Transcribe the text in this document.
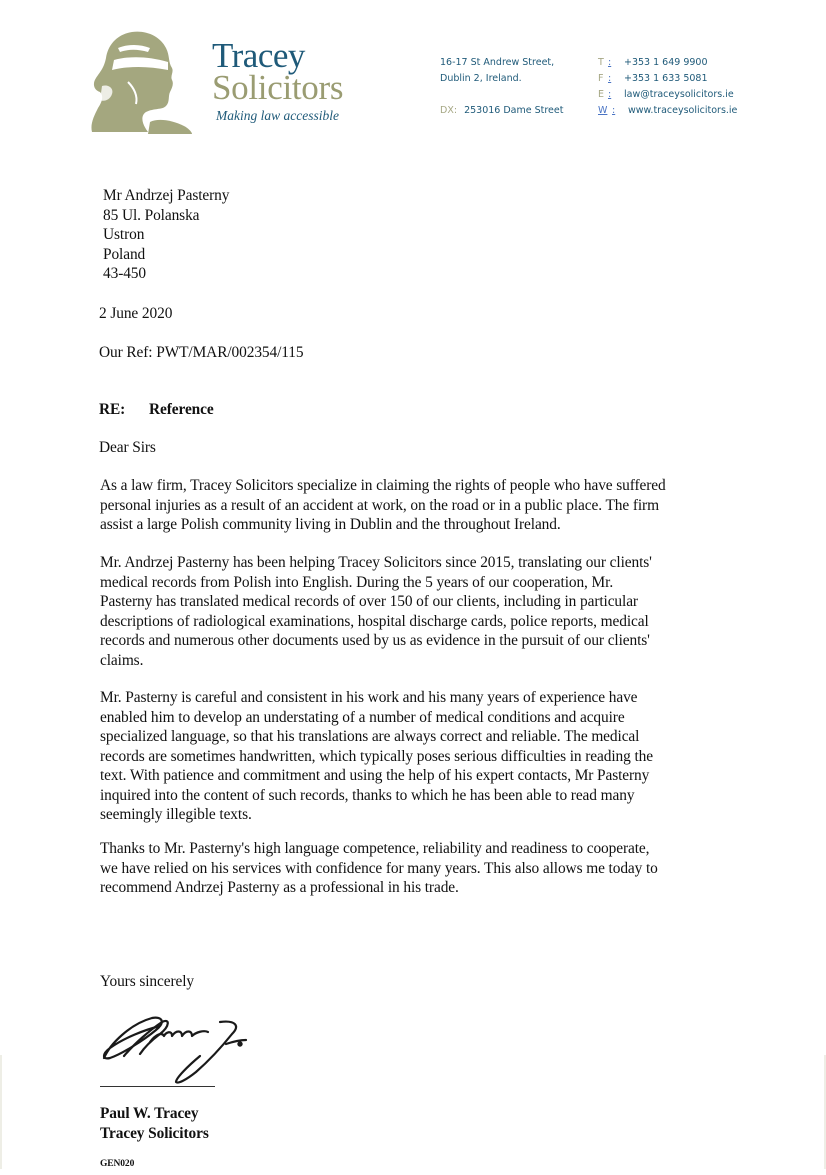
Tracey
Solicitors
Making law accessible
16-17 St Andrew Street,
Dublin 2, Ireland.
DX: 253016 Dame Street
T :	+353 1 649 9900
F :	+353 1 633 5081
E :	law@traceysolicitors.ie
W :	www.traceysolicitors.ie
Mr Andrzej Pasterny
85 Ul. Polanska
Ustron
Poland
43-450
2 June 2020
Our Ref: PWT/MAR/002354/115
RE: Reference
Dear Sirs
As a law firm, Tracey Solicitors specialize in claiming the rights of people who have suffered
personal injuries as a result of an accident at work, on the road or in a public place. The firm
assist a large Polish community living in Dublin and the throughout Ireland.
Mr. Andrzej Pasterny has been helping Tracey Solicitors since 2015, translating our clients'
medical records from Polish into English. During the 5 years of our cooperation, Mr.
Pasterny has translated medical records of over 150 of our clients, including in particular
descriptions of radiological examinations, hospital discharge cards, police reports, medical
records and numerous other documents used by us as evidence in the pursuit of our clients'
claims.
Mr. Pasterny is careful and consistent in his work and his many years of experience have
enabled him to develop an understating of a number of medical conditions and acquire
specialized language, so that his translations are always correct and reliable. The medical
records are sometimes handwritten, which typically poses serious difficulties in reading the
text. With patience and commitment and using the help of his expert contacts, Mr Pasterny
inquired into the content of such records, thanks to which he has been able to read many
seemingly illegible texts.
Thanks to Mr. Pasterny's high language competence, reliability and readiness to cooperate,
we have relied on his services with confidence for many years. This also allows me today to
recommend Andrzej Pasterny as a professional in his trade.
Yours sincerely
Paul W. Tracey
Tracey Solicitors
GEN020
